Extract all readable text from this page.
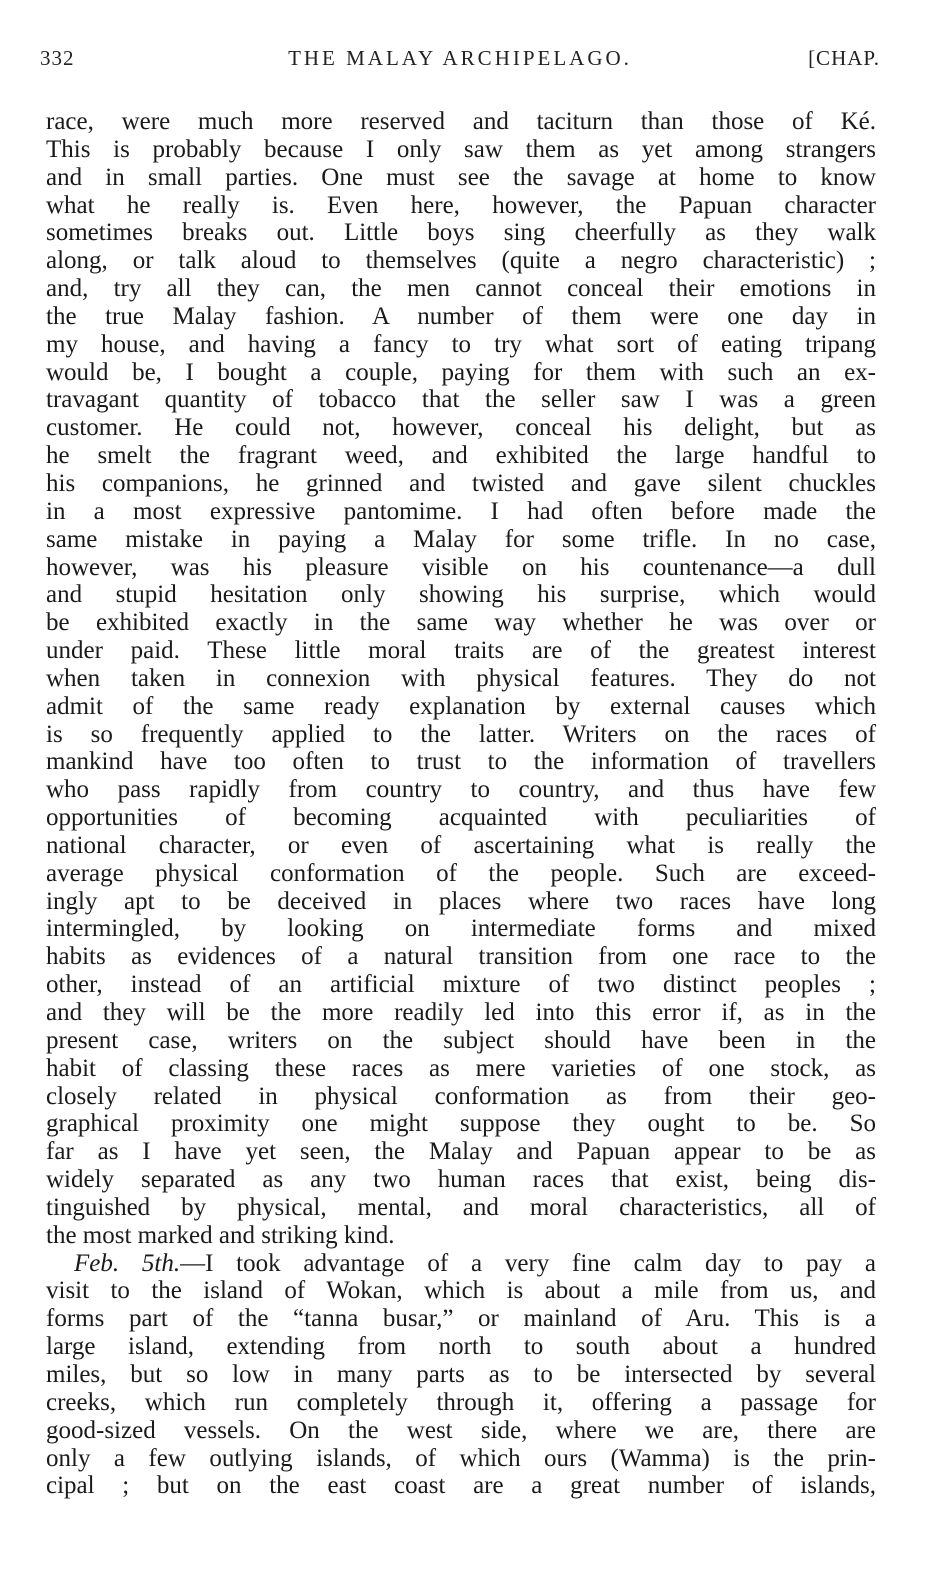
332	THE MALAY ARCHIPELAGO.	[CHAP.
race, were much more reserved and taciturn than those of Ké.
This is probably because I only saw them as yet among strangers
and in small parties. One must see the savage at home to know
what he really is. Even here, however, the Papuan character
sometimes breaks out. Little boys sing cheerfully as they walk
along, or talk aloud to themselves (quite a negro characteristic) ;
and, try all they can, the men cannot conceal their emotions in
the true Malay fashion. A number of them were one day in
my house, and having a fancy to try what sort of eating tripang
would be, I bought a couple, paying for them with such an ex-
travagant quantity of tobacco that the seller saw I was a green
customer. He could not, however, conceal his delight, but as
he smelt the fragrant weed, and exhibited the large handful to
his companions, he grinned and twisted and gave silent chuckles
in a most expressive pantomime. I had often before made the
same mistake in paying a Malay for some trifle. In no case,
however, was his pleasure visible on his countenance—a dull
and stupid hesitation only showing his surprise, which would
be exhibited exactly in the same way whether he was over or
under paid. These little moral traits are of the greatest interest
when taken in connexion with physical features. They do not
admit of the same ready explanation by external causes which
is so frequently applied to the latter. Writers on the races of
mankind have too often to trust to the information of travellers
who pass rapidly from country to country, and thus have few
opportunities of becoming acquainted with peculiarities of
national character, or even of ascertaining what is really the
average physical conformation of the people. Such are exceed-
ingly apt to be deceived in places where two races have long
intermingled, by looking on intermediate forms and mixed
habits as evidences of a natural transition from one race to the
other, instead of an artificial mixture of two distinct peoples ;
and they will be the more readily led into this error if, as in the
present case, writers on the subject should have been in the
habit of classing these races as mere varieties of one stock, as
closely related in physical conformation as from their geo-
graphical proximity one might suppose they ought to be. So
far as I have yet seen, the Malay and Papuan appear to be as
widely separated as any two human races that exist, being dis-
tinguished by physical, mental, and moral characteristics, all of
the most marked and striking kind.
Feb. 5th.—I took advantage of a very fine calm day to pay a
visit to the island of Wokan, which is about a mile from us, and
forms part of the “tanna busar,” or mainland of Aru. This is a
large island, extending from north to south about a hundred
miles, but so low in many parts as to be intersected by several
creeks, which run completely through it, offering a passage for
good-sized vessels. On the west side, where we are, there are
only a few outlying islands, of which ours (Wamma) is the prin-
cipal ; but on the east coast are a great number of islands,
